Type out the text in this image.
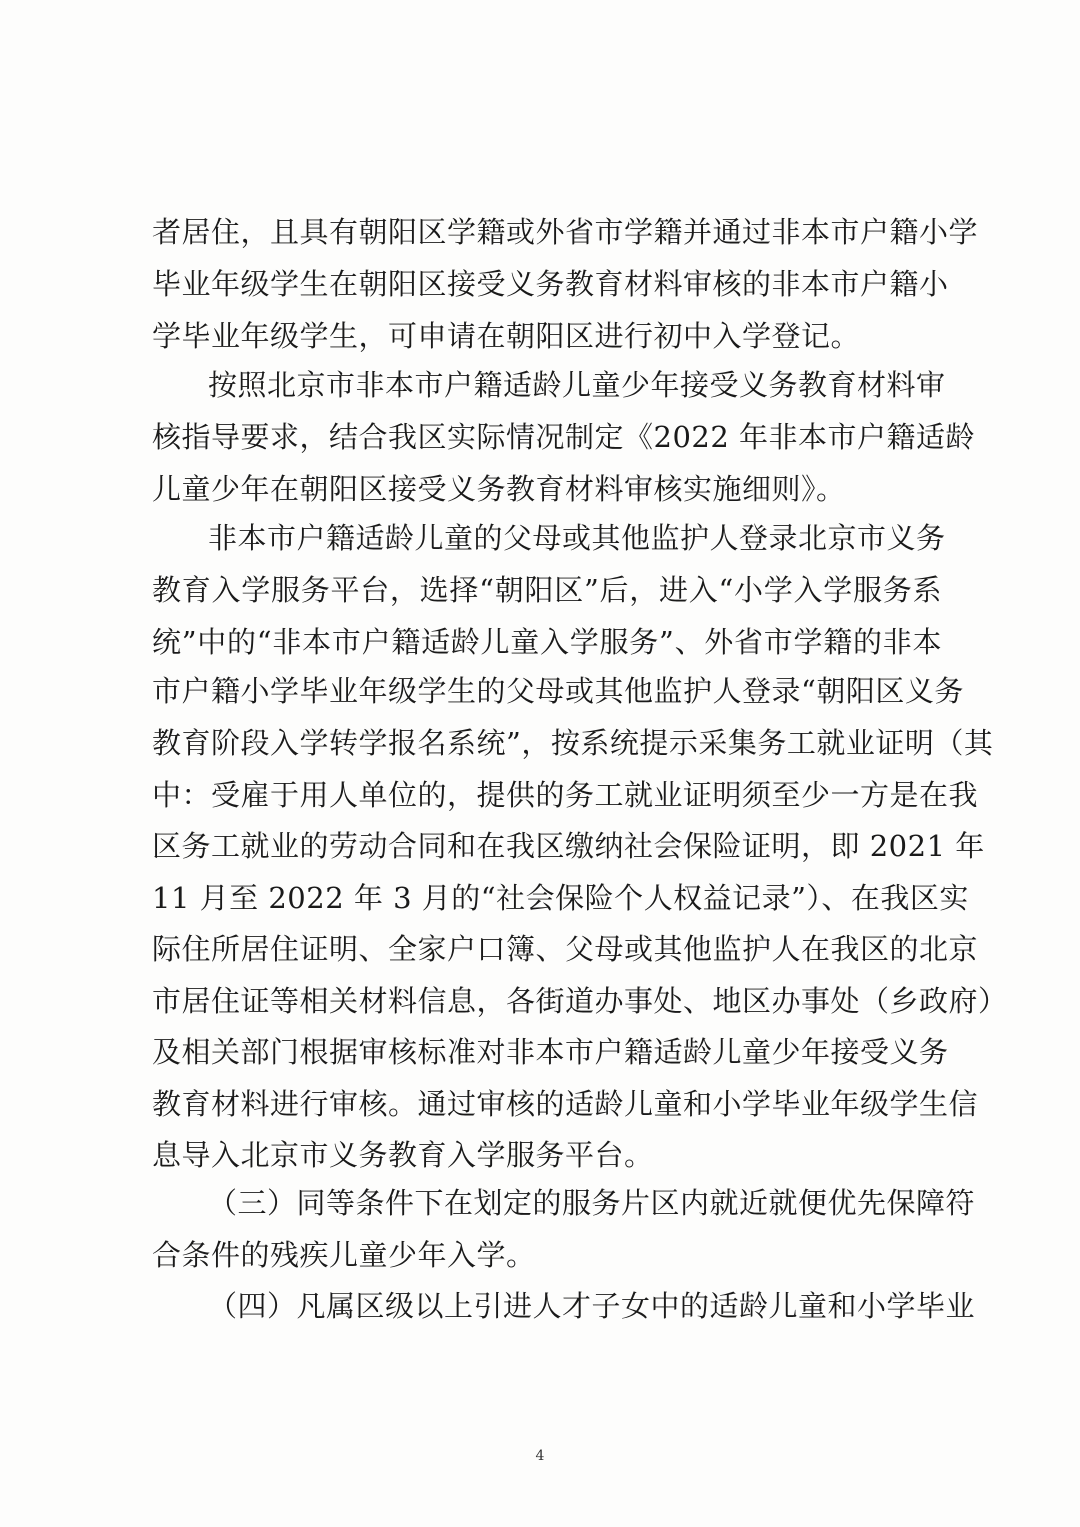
者居住，且具有朝阳区学籍或外省市学籍并通过非本市户籍小学
毕业年级学生在朝阳区接受义务教育材料审核的非本市户籍小
学毕业年级学生，可申请在朝阳区进行初中入学登记。
按照北京市非本市户籍适龄儿童少年接受义务教育材料审
核指导要求，结合我区实际情况制定《2022 年非本市户籍适龄
儿童少年在朝阳区接受义务教育材料审核实施细则》。
非本市户籍适龄儿童的父母或其他监护人登录北京市义务
教育入学服务平台，选择“朝阳区”后，进入“小学入学服务系
统”中的“非本市户籍适龄儿童入学服务”、外省市学籍的非本
市户籍小学毕业年级学生的父母或其他监护人登录“朝阳区义务
教育阶段入学转学报名系统”，按系统提示采集务工就业证明（其
中：受雇于用人单位的，提供的务工就业证明须至少一方是在我
区务工就业的劳动合同和在我区缴纳社会保险证明，即 2021 年
11 月至 2022 年 3 月的“社会保险个人权益记录”）、在我区实
际住所居住证明、全家户口簿、父母或其他监护人在我区的北京
市居住证等相关材料信息，各街道办事处、地区办事处（乡政府）
及相关部门根据审核标准对非本市户籍适龄儿童少年接受义务
教育材料进行审核。通过审核的适龄儿童和小学毕业年级学生信
息导入北京市义务教育入学服务平台。
（三）同等条件下在划定的服务片区内就近就便优先保障符
合条件的残疾儿童少年入学。
（四）凡属区级以上引进人才子女中的适龄儿童和小学毕业
4
